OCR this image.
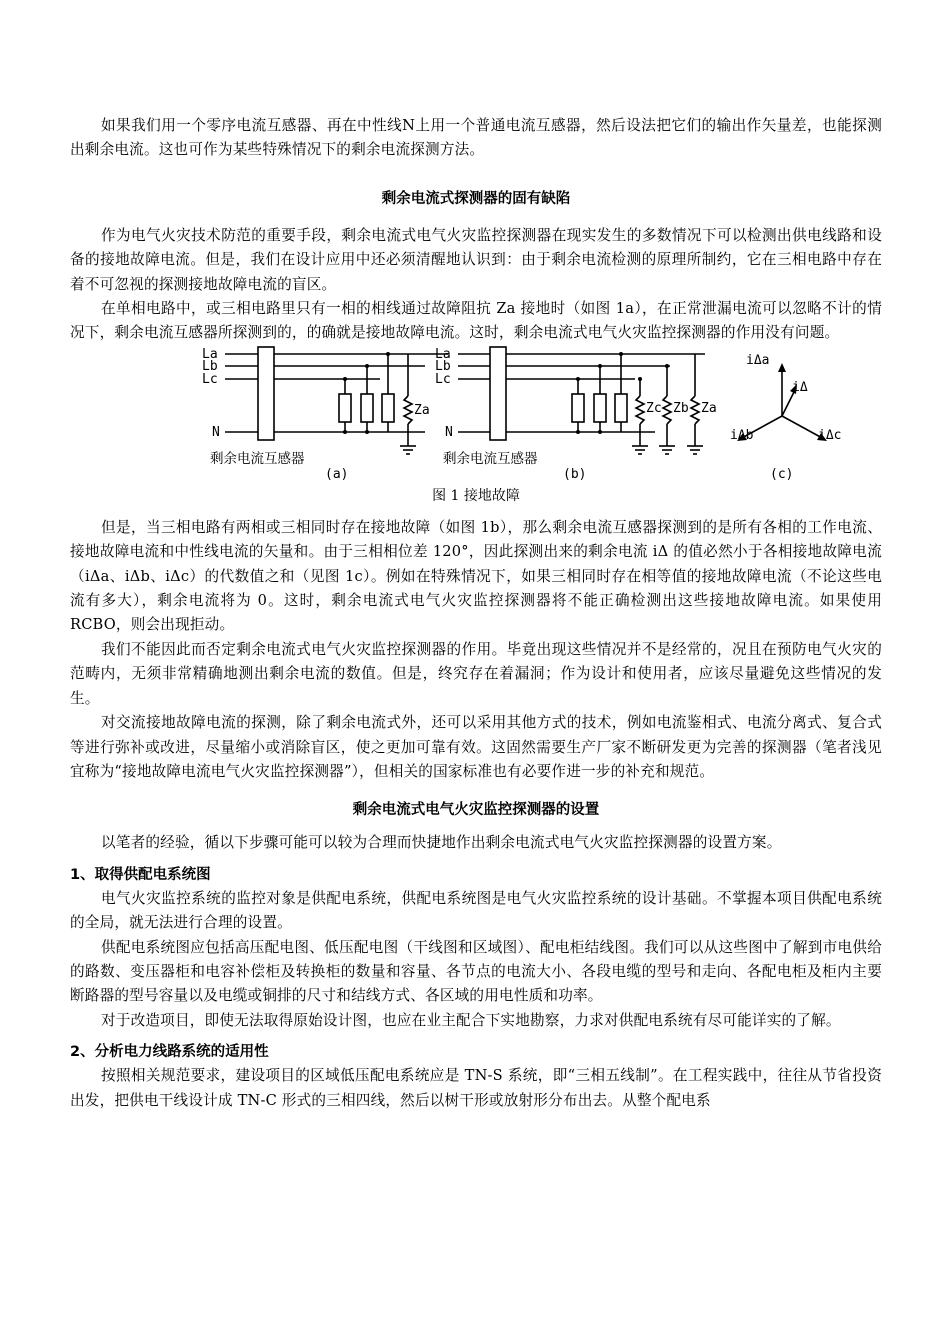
如果我们用一个零序电流互感器、再在中性线N上用一个普通电流互感器，然后设法把它们的输出作矢量差，也能探测出剩余电流。这也可作为某些特殊情况下的剩余电流探测方法。

剩余电流式探测器的固有缺陷

作为电气火灾技术防范的重要手段，剩余电流式电气火灾监控探测器在现实发生的多数情况下可以检测出供电线路和设备的接地故障电流。但是，我们在设计应用中还必须清醒地认识到：由于剩余电流检测的原理所制约，它在三相电路中存在着不可忽视的探测接地故障电流的盲区。

在单相电路中，或三相电路里只有一相的相线通过故障阻抗 Za 接地时（如图 1a），在正常泄漏电流可以忽略不计的情况下，剩余电流互感器所探测到的，的确就是接地故障电流。这时，剩余电流式电气火灾监控探测器的作用没有问题。

La
Lb
Lc
N
Za
剩余电流互感器
(a)
La
Lb
Lc
N
Zc Zb Za
剩余电流互感器
(b)
iΔa
iΔ
iΔb	iΔc
(c)
图 1 接地故障

但是，当三相电路有两相或三相同时存在接地故障（如图 1b），那么剩余电流互感器探测到的是所有各相的工作电流、接地故障电流和中性线电流的矢量和。由于三相相位差 120°，因此探测出来的剩余电流 iΔ 的值必然小于各相接地故障电流（iΔa、iΔb、iΔc）的代数值之和（见图 1c）。例如在特殊情况下，如果三相同时存在相等值的接地故障电流（不论这些电流有多大），剩余电流将为 0。这时，剩余电流式电气火灾监控探测器将不能正确检测出这些接地故障电流。如果使用 RCBO，则会出现拒动。

我们不能因此而否定剩余电流式电气火灾监控探测器的作用。毕竟出现这些情况并不是经常的，况且在预防电气火灾的范畴内，无须非常精确地测出剩余电流的数值。但是，终究存在着漏洞；作为设计和使用者，应该尽量避免这些情况的发生。

对交流接地故障电流的探测，除了剩余电流式外，还可以采用其他方式的技术，例如电流鉴相式、电流分离式、复合式等进行弥补或改进，尽量缩小或消除盲区，使之更加可靠有效。这固然需要生产厂家不断研发更为完善的探测器（笔者浅见宜称为“接地故障电流电气火灾监控探测器”），但相关的国家标准也有必要作进一步的补充和规范。

剩余电流式电气火灾监控探测器的设置

以笔者的经验，循以下步骤可能可以较为合理而快捷地作出剩余电流式电气火灾监控探测器的设置方案。

1、取得供配电系统图

电气火灾监控系统的监控对象是供配电系统，供配电系统图是电气火灾监控系统的设计基础。不掌握本项目供配电系统的全局，就无法进行合理的设置。

供配电系统图应包括高压配电图、低压配电图（干线图和区域图）、配电柜结线图。我们可以从这些图中了解到市电供给的路数、变压器柜和电容补偿柜及转换柜的数量和容量、各节点的电流大小、各段电缆的型号和走向、各配电柜及柜内主要断路器的型号容量以及电缆或铜排的尺寸和结线方式、各区域的用电性质和功率。

对于改造项目，即使无法取得原始设计图，也应在业主配合下实地勘察，力求对供配电系统有尽可能详实的了解。

2、分析电力线路系统的适用性

按照相关规范要求，建设项目的区域低压配电系统应是 TN-S 系统，即“三相五线制”。在工程实践中，往往从节省投资出发，把供电干线设计成 TN-C 形式的三相四线，然后以树干形或放射形分布出去。从整个配电系
